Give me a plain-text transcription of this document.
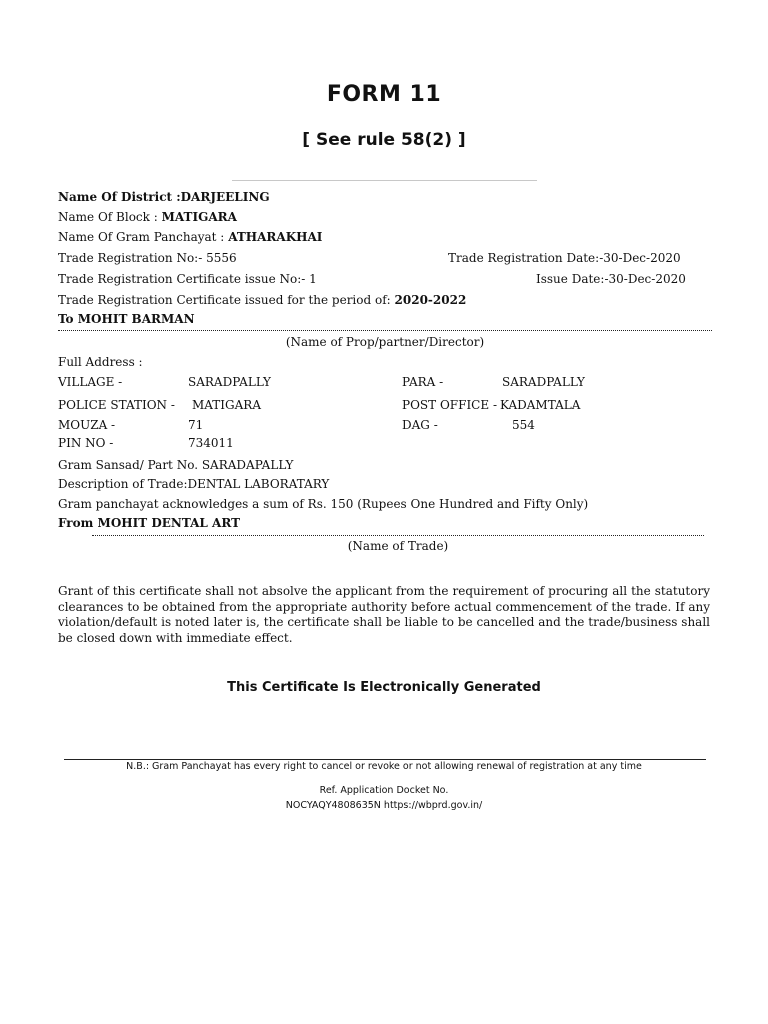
FORM 11
[ See rule 58(2) ]
Name Of District :DARJEELING
Name Of Block : MATIGARA
Name Of Gram Panchayat : ATHARAKHAI
Trade Registration No:- 5556	Trade Registration Date:-30-Dec-2020
Trade Registration Certificate issue No:- 1	Issue Date:-30-Dec-2020
Trade Registration Certificate issued for the period of: 2020-2022
To MOHIT BARMAN
(Name of Prop/partner/Director)
Full Address :
VILLAGE -	SARADPALLY	PARA -	SARADPALLY
POLICE STATION - MATIGARA	POST OFFICE - KADAMTALA
MOUZA -	71	DAG -	554
PIN NO -	734011
Gram Sansad/ Part No. SARADAPALLY
Description of Trade:DENTAL LABORATARY
Gram panchayat acknowledges a sum of Rs. 150 (Rupees One Hundred and Fifty Only)
From MOHIT DENTAL ART
(Name of Trade)
Grant of this certificate shall not absolve the applicant from the requirement of procuring all the statutory clearances to be obtained from the appropriate authority before actual commencement of the trade. If any violation/default is noted later is, the certificate shall be liable to be cancelled and the trade/business shall be closed down with immediate effect.
This Certificate Is Electronically Generated
N.B.: Gram Panchayat has every right to cancel or revoke or not allowing renewal of registration at any time
Ref. Application Docket No.
NOCYAQY4808635N https://wbprd.gov.in/
